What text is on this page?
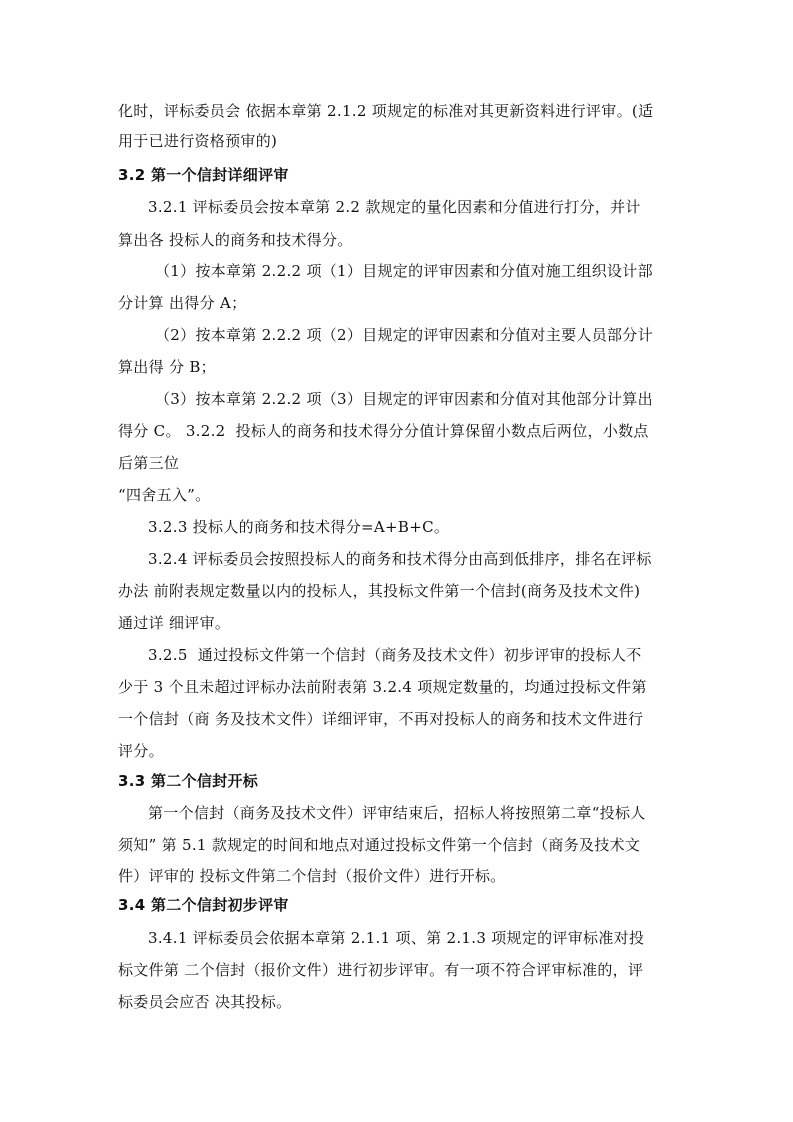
化时，评标委员会 依据本章第 2.1.2 项规定的标准对其更新资料进行评审。(适
用于已进行资格预审的)
3.2 第一个信封详细评审
3.2.1 评标委员会按本章第 2.2 款规定的量化因素和分值进行打分，并计
算出各 投标人的商务和技术得分。
（1）按本章第 2.2.2 项（1）目规定的评审因素和分值对施工组织设计部
分计算 出得分 A；
（2）按本章第 2.2.2 项（2）目规定的评审因素和分值对主要人员部分计
算出得 分 B；
（3）按本章第 2.2.2 项（3）目规定的评审因素和分值对其他部分计算出
得分 C。 3.2.2  投标人的商务和技术得分分值计算保留小数点后两位，小数点
后第三位
“四舍五入”。
3.2.3 投标人的商务和技术得分=A+B+C。
3.2.4 评标委员会按照投标人的商务和技术得分由高到低排序，排名在评标
办法 前附表规定数量以内的投标人，其投标文件第一个信封(商务及技术文件)
通过详 细评审。
3.2.5  通过投标文件第一个信封（商务及技术文件）初步评审的投标人不
少于 3 个且未超过评标办法前附表第 3.2.4 项规定数量的，均通过投标文件第
一个信封（商 务及技术文件）详细评审，不再对投标人的商务和技术文件进行
评分。
3.3 第二个信封开标
第一个信封（商务及技术文件）评审结束后，招标人将按照第二章“投标人
须知” 第 5.1 款规定的时间和地点对通过投标文件第一个信封（商务及技术文
件）评审的 投标文件第二个信封（报价文件）进行开标。
3.4 第二个信封初步评审
3.4.1 评标委员会依据本章第 2.1.1 项、第 2.1.3 项规定的评审标准对投
标文件第 二个信封（报价文件）进行初步评审。有一项不符合评审标准的，评
标委员会应否 决其投标。
